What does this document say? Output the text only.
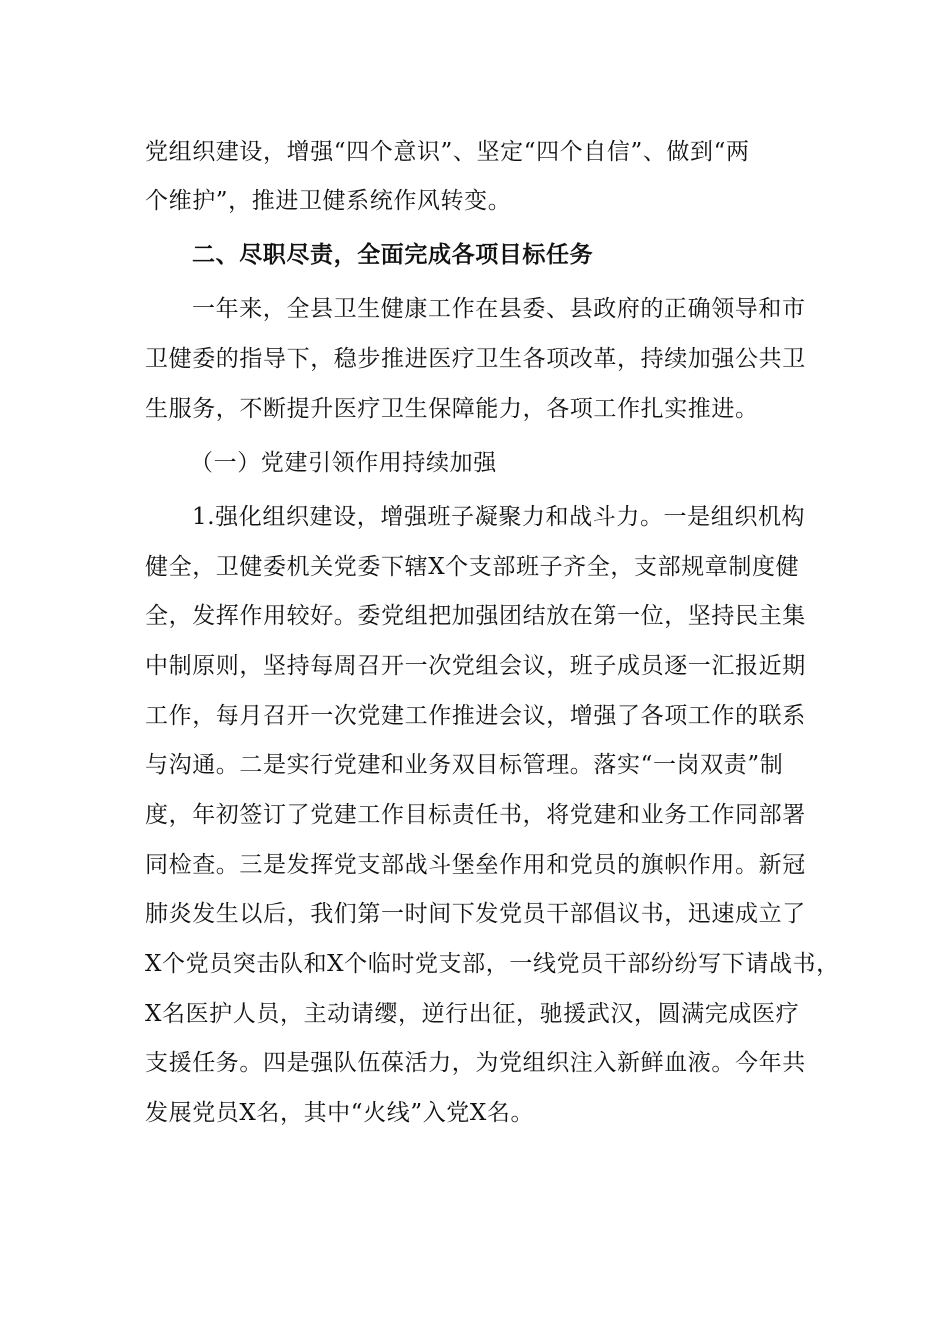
党组织建设，增强“四个意识”、坚定“四个自信”、做到“两
个维护”，推进卫健系统作风转变。
二、尽职尽责，全面完成各项目标任务
一年来，全县卫生健康工作在县委、县政府的正确领导和市
卫健委的指导下，稳步推进医疗卫生各项改革，持续加强公共卫
生服务，不断提升医疗卫生保障能力，各项工作扎实推进。
（一）党建引领作用持续加强
1.强化组织建设，增强班子凝聚力和战斗力。一是组织机构
健全，卫健委机关党委下辖X个支部班子齐全，支部规章制度健
全，发挥作用较好。委党组把加强团结放在第一位，坚持民主集
中制原则，坚持每周召开一次党组会议，班子成员逐一汇报近期
工作，每月召开一次党建工作推进会议，增强了各项工作的联系
与沟通。二是实行党建和业务双目标管理。落实“一岗双责”制
度，年初签订了党建工作目标责任书，将党建和业务工作同部署
同检查。三是发挥党支部战斗堡垒作用和党员的旗帜作用。新冠
肺炎发生以后，我们第一时间下发党员干部倡议书，迅速成立了
X个党员突击队和X个临时党支部，一线党员干部纷纷写下请战书，
X名医护人员，主动请缨，逆行出征，驰援武汉，圆满完成医疗
支援任务。四是强队伍葆活力，为党组织注入新鲜血液。今年共
发展党员X名，其中“火线”入党X名。
